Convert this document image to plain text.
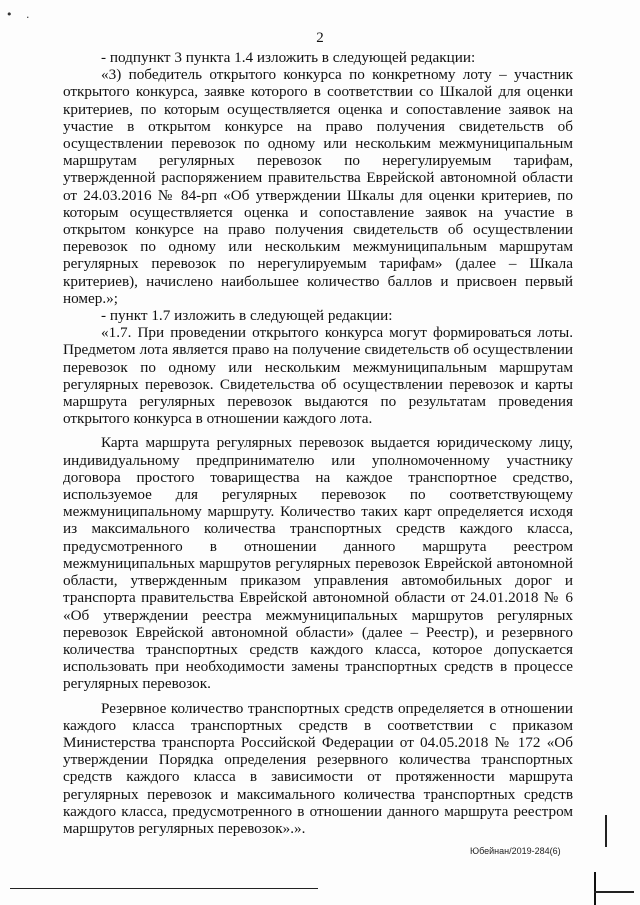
• .
2

- подпункт 3 пункта 1.4 изложить в следующей редакции:

«3) победитель открытого конкурса по конкретному лоту – участник открытого конкурса, заявке которого в соответствии со Шкалой для оценки критериев, по которым осуществляется оценка и сопоставление заявок на участие в открытом конкурсе на право получения свидетельств об осуществлении перевозок по одному или нескольким межмуниципальным маршрутам регулярных перевозок по нерегулируемым тарифам, утвержденной распоряжением правительства Еврейской автономной области от 24.03.2016 № 84-рп «Об утверждении Шкалы для оценки критериев, по которым осуществляется оценка и сопоставление заявок на участие в открытом конкурсе на право получения свидетельств об осуществлении перевозок по одному или нескольким межмуниципальным маршрутам регулярных перевозок по нерегулируемым тарифам» (далее – Шкала критериев), начислено наибольшее количество баллов и присвоен первый номер.»;

- пункт 1.7 изложить в следующей редакции:

«1.7. При проведении открытого конкурса могут формироваться лоты. Предметом лота является право на получение свидетельств об осуществлении перевозок по одному или нескольким межмуниципальным маршрутам регулярных перевозок. Свидетельства об осуществлении перевозок и карты маршрута регулярных перевозок выдаются по результатам проведения открытого конкурса в отношении каждого лота.

Карта маршрута регулярных перевозок выдается юридическому лицу, индивидуальному предпринимателю или уполномоченному участнику договора простого товарищества на каждое транспортное средство, используемое для регулярных перевозок по соответствующему межмуниципальному маршруту. Количество таких карт определяется исходя из максимального количества транспортных средств каждого класса, предусмотренного в отношении данного маршрута реестром межмуниципальных маршрутов регулярных перевозок Еврейской автономной области, утвержденным приказом управления автомобильных дорог и транспорта правительства Еврейской автономной области от 24.01.2018 № 6 «Об утверждении реестра межмуниципальных маршрутов регулярных перевозок Еврейской автономной области» (далее – Реестр), и резервного количества транспортных средств каждого класса, которое допускается использовать при необходимости замены транспортных средств в процессе регулярных перевозок.

Резервное количество транспортных средств определяется в отношении каждого класса транспортных средств в соответствии с приказом Министерства транспорта Российской Федерации от 04.05.2018 № 172 «Об утверждении Порядка определения резервного количества транспортных средств каждого класса в зависимости от протяженности маршрута регулярных перевозок и максимального количества транспортных средств каждого класса, предусмотренного в отношении данного маршрута реестром маршрутов регулярных перевозок».».

Юбейнан/2019-284(6)
